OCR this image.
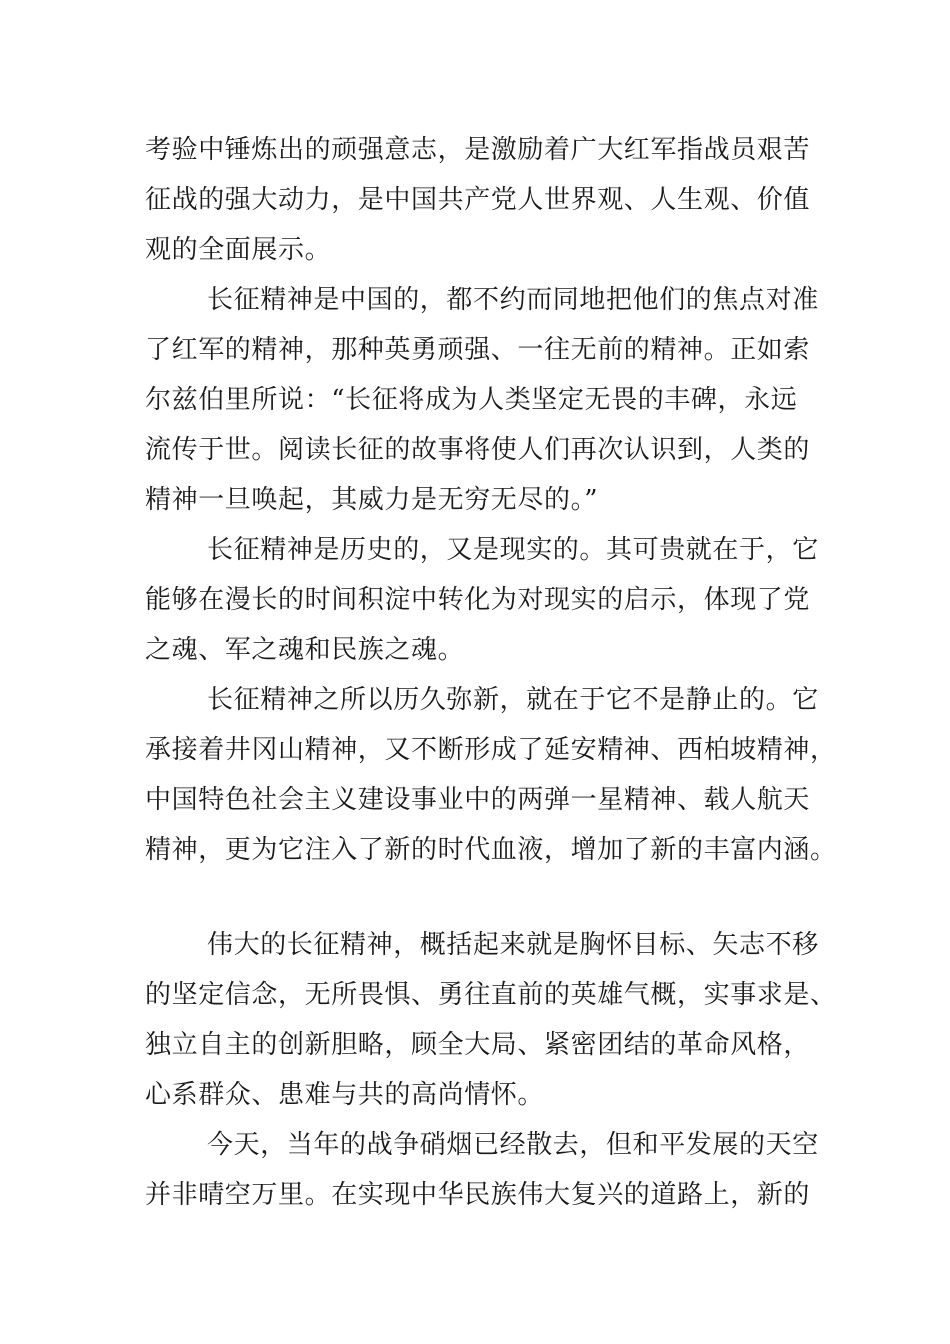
考验中锤炼出的顽强意志，是激励着广大红军指战员艰苦
征战的强大动力，是中国共产党人世界观、人生观、价值
观的全面展示。
长征精神是中国的，都不约而同地把他们的焦点对准
了红军的精神，那种英勇顽强、一往无前的精神。正如索
尔兹伯里所说：“长征将成为人类坚定无畏的丰碑，永远
流传于世。阅读长征的故事将使人们再次认识到，人类的
精神一旦唤起，其威力是无穷无尽的。”
长征精神是历史的，又是现实的。其可贵就在于，它
能够在漫长的时间积淀中转化为对现实的启示，体现了党
之魂、军之魂和民族之魂。
长征精神之所以历久弥新，就在于它不是静止的。它
承接着井冈山精神，又不断形成了延安精神、西柏坡精神，
中国特色社会主义建设事业中的两弹一星精神、载人航天
精神，更为它注入了新的时代血液，增加了新的丰富内涵。
伟大的长征精神，概括起来就是胸怀目标、矢志不移
的坚定信念，无所畏惧、勇往直前的英雄气概，实事求是、
独立自主的创新胆略，顾全大局、紧密团结的革命风格，
心系群众、患难与共的高尚情怀。
今天，当年的战争硝烟已经散去，但和平发展的天空
并非晴空万里。在实现中华民族伟大复兴的道路上，新的
